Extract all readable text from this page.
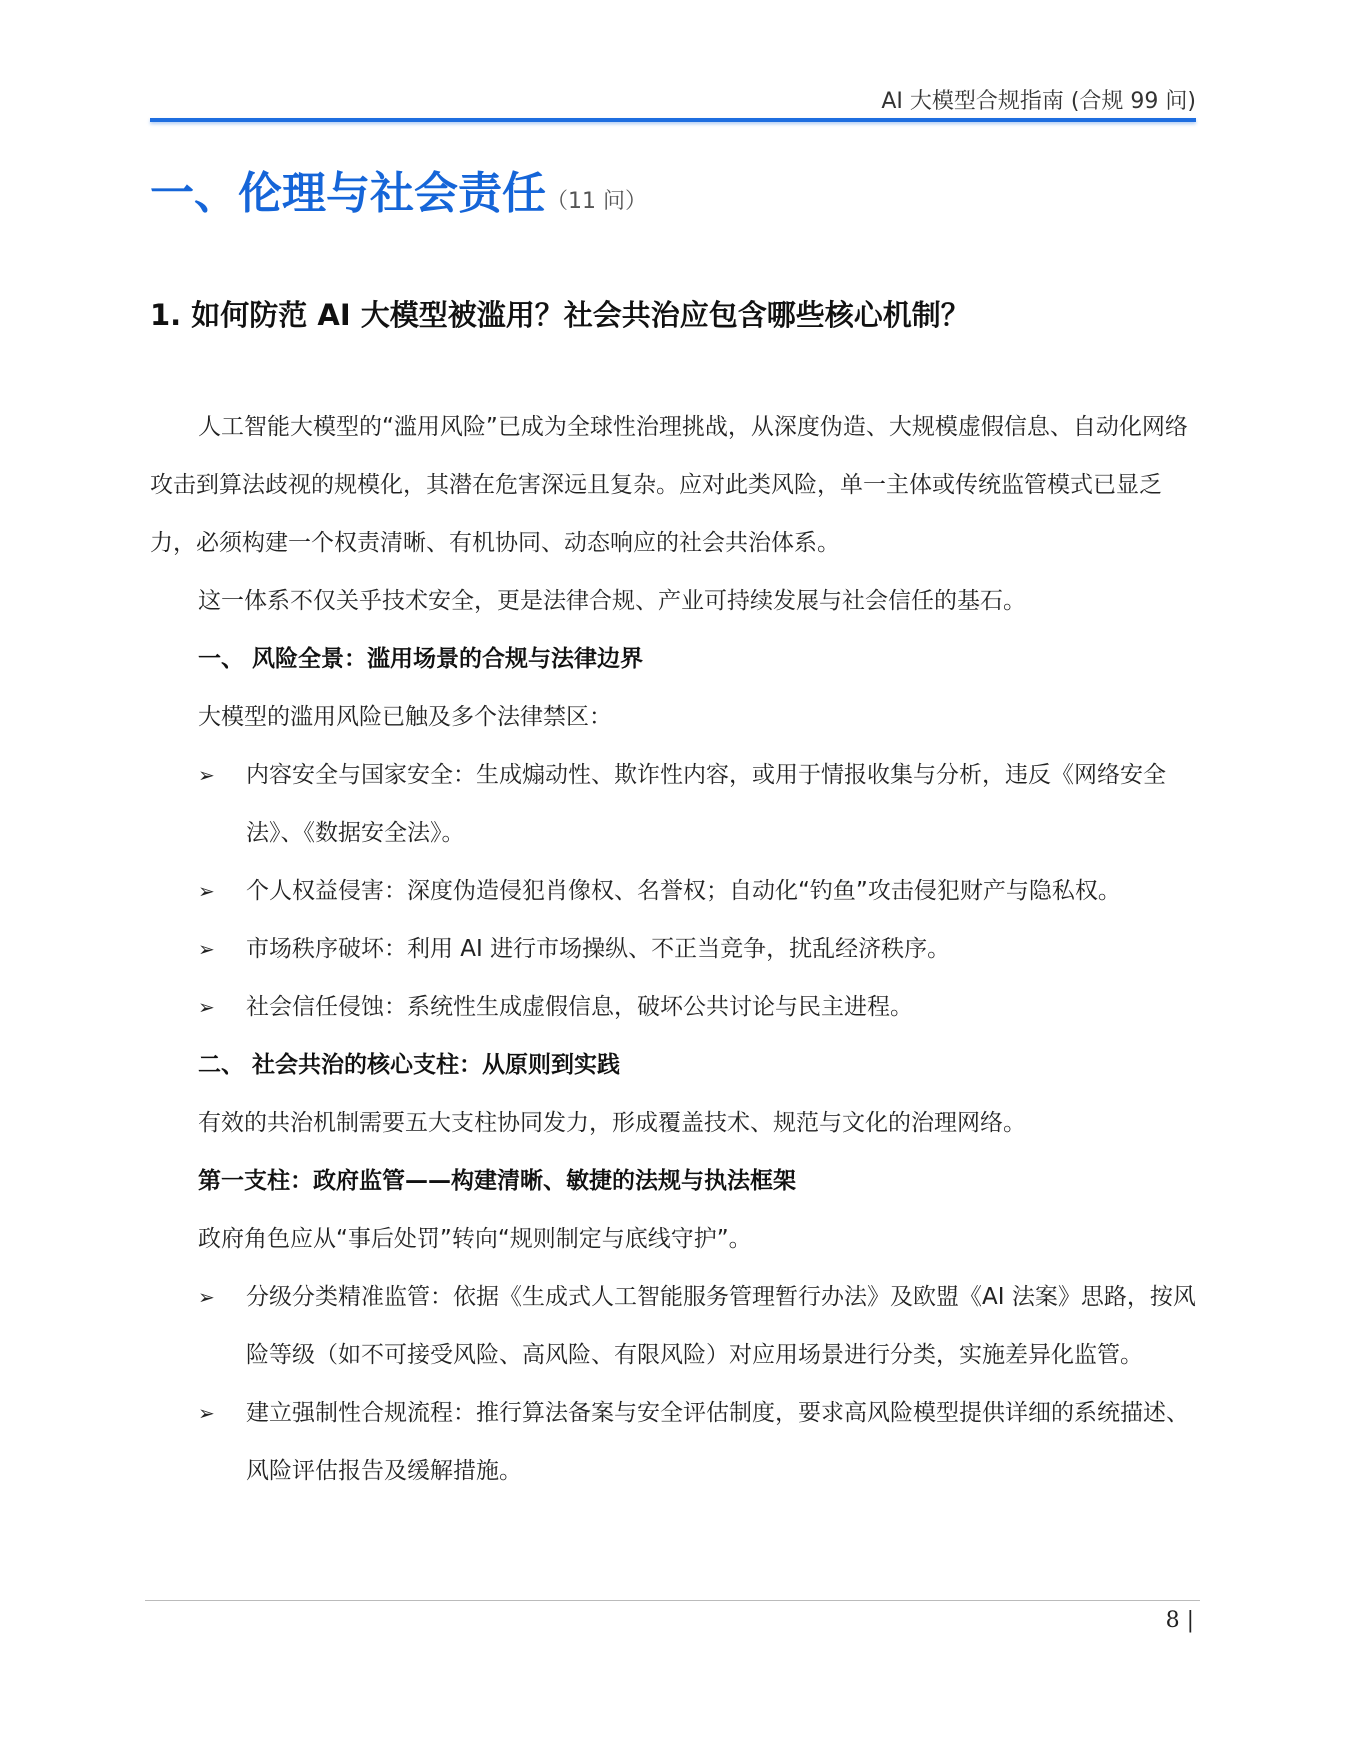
AI 大模型合规指南 (合规 99 问)
一、伦理与社会责任（11 问）
1. 如何防范 AI 大模型被滥用？社会共治应包含哪些核心机制？

人工智能大模型的“滥用风险”已成为全球性治理挑战，从深度伪造、大规模虚假信息、自动化网络攻击到算法歧视的规模化，其潜在危害深远且复杂。应对此类风险，单一主体或传统监管模式已显乏力，必须构建一个权责清晰、有机协同、动态响应的社会共治体系。

这一体系不仅关乎技术安全，更是法律合规、产业可持续发展与社会信任的基石。

一、 风险全景：滥用场景的合规与法律边界

大模型的滥用风险已触及多个法律禁区：

➢ 内容安全与国家安全：生成煽动性、欺诈性内容，或用于情报收集与分析，违反《网络安全法》、《数据安全法》。
➢ 个人权益侵害：深度伪造侵犯肖像权、名誉权；自动化“钓鱼”攻击侵犯财产与隐私权。
➢ 市场秩序破坏：利用 AI 进行市场操纵、不正当竞争，扰乱经济秩序。
➢ 社会信任侵蚀：系统性生成虚假信息，破坏公共讨论与民主进程。

二、 社会共治的核心支柱：从原则到实践

有效的共治机制需要五大支柱协同发力，形成覆盖技术、规范与文化的治理网络。

第一支柱：政府监管——构建清晰、敏捷的法规与执法框架

政府角色应从“事后处罚”转向“规则制定与底线守护”。

➢ 分级分类精准监管：依据《生成式人工智能服务管理暂行办法》及欧盟《AI 法案》思路，按风险等级（如不可接受风险、高风险、有限风险）对应用场景进行分类，实施差异化监管。
➢ 建立强制性合规流程：推行算法备案与安全评估制度，要求高风险模型提供详细的系统描述、风险评估报告及缓解措施。
8 |
